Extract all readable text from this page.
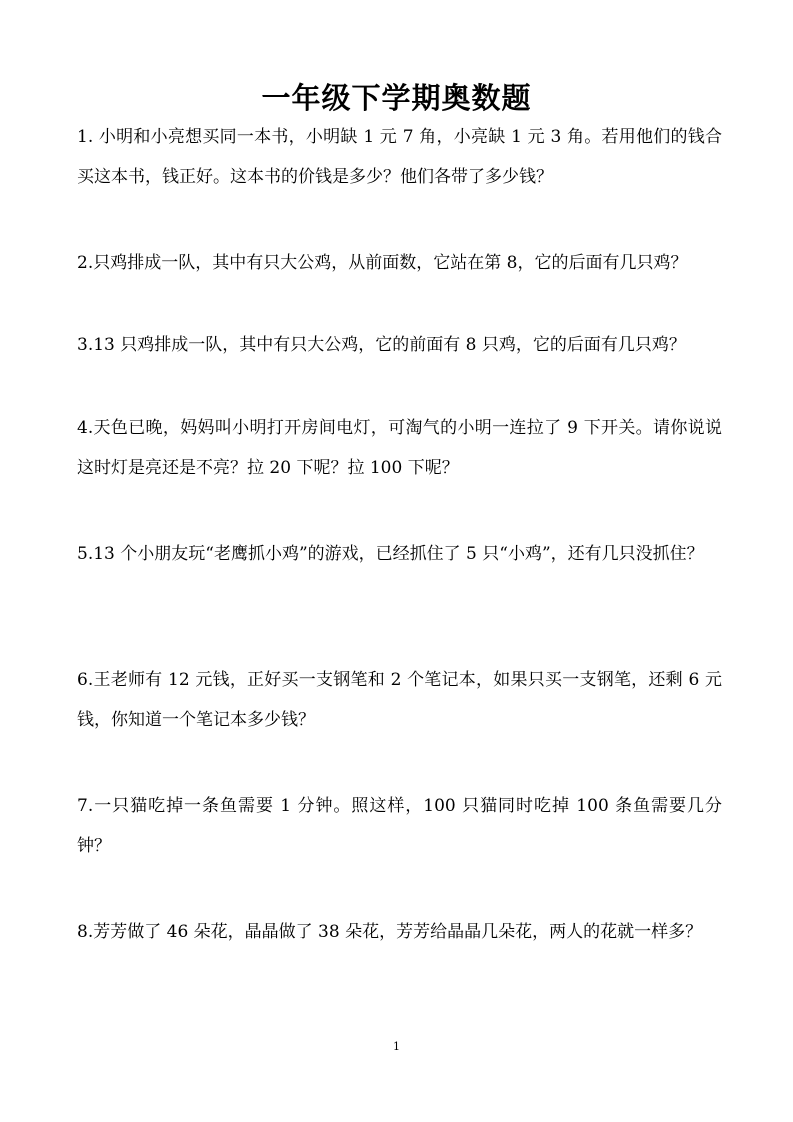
一年级下学期奥数题
1. 小明和小亮想买同一本书，小明缺 1 元 7 角，小亮缺 1 元 3 角。若用他们的钱合买这本书，钱正好。这本书的价钱是多少？他们各带了多少钱？
2.只鸡排成一队，其中有只大公鸡，从前面数，它站在第 8，它的后面有几只鸡？
3.13 只鸡排成一队，其中有只大公鸡，它的前面有 8 只鸡，它的后面有几只鸡？
4.天色已晚，妈妈叫小明打开房间电灯，可淘气的小明一连拉了 9 下开关。请你说说这时灯是亮还是不亮？拉 20 下呢？拉 100 下呢？
5.13 个小朋友玩“老鹰抓小鸡”的游戏，已经抓住了 5 只“小鸡”，还有几只没抓住？
6.王老师有 12 元钱，正好买一支钢笔和 2 个笔记本，如果只买一支钢笔，还剩 6 元钱，你知道一个笔记本多少钱？
7.一只猫吃掉一条鱼需要 1 分钟。照这样，100 只猫同时吃掉 100 条鱼需要几分钟？
8.芳芳做了 46 朵花，晶晶做了 38 朵花，芳芳给晶晶几朵花，两人的花就一样多？
1
